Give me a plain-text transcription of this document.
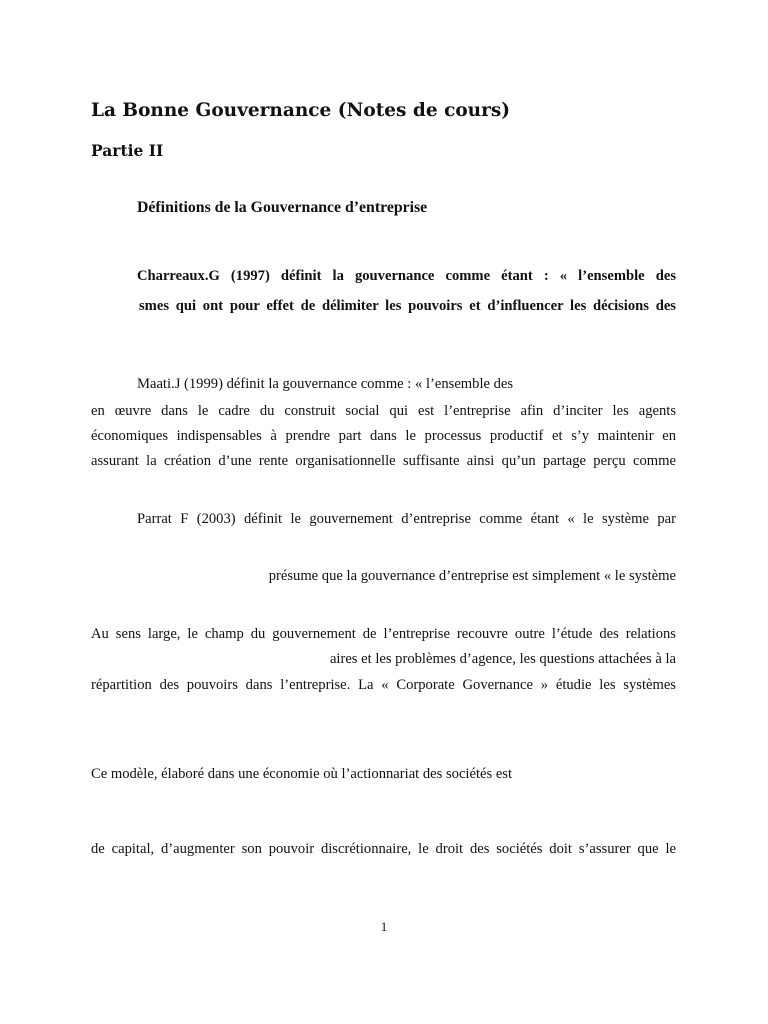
La Bonne Gouvernance (Notes de cours)
Partie II
Définitions de la Gouvernance d’entreprise
Charreaux.G (1997) définit la gouvernance comme étant : « l’ensemble des
smes qui ont pour effet de délimiter les pouvoirs et d’influencer les décisions des
Maati.J (1999) définit la gouvernance comme : « l’ensemble des
en œuvre dans le cadre du construit social qui est l’entreprise afin d’inciter les agents
économiques indispensables à prendre part dans le processus productif et s’y maintenir en
assurant la création d’une rente organisationnelle suffisante ainsi qu’un partage perçu comme
Parrat F (2003) définit le gouvernement d’entreprise comme étant « le système par
présume que la gouvernance d’entreprise est simplement « le système
Au sens large, le champ du gouvernement de l’entreprise recouvre outre l’étude des relations
aires et les problèmes d’agence, les questions attachées à la
répartition des pouvoirs dans l’entreprise. La « Corporate Governance » étudie les systèmes
Ce modèle, élaboré dans une économie où l’actionnariat des sociétés est
de capital, d’augmenter son pouvoir discrétionnaire, le droit des sociétés doit s’assurer que le
1
